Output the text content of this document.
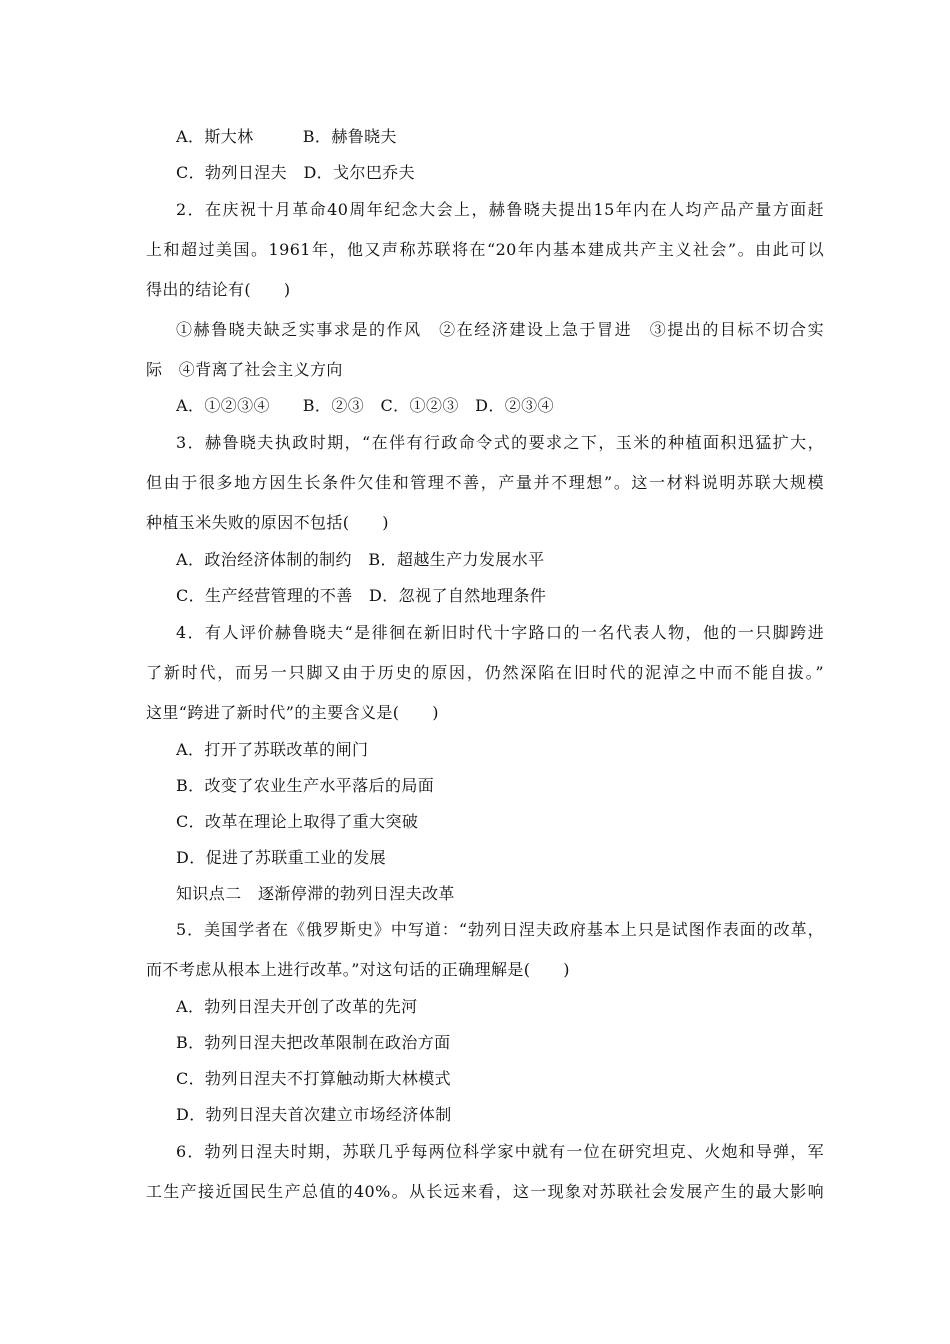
A．斯大林　　　B．赫鲁晓夫
C．勃列日涅夫　D．戈尔巴乔夫
2．在庆祝十月革命40周年纪念大会上，赫鲁晓夫提出15年内在人均产品产量方面赶
上和超过美国。1961年，他又声称苏联将在“20年内基本建成共产主义社会”。由此可以
得出的结论有(　　)
①赫鲁晓夫缺乏实事求是的作风　②在经济建设上急于冒进　③提出的目标不切合实
际　④背离了社会主义方向
A．①②③④　　B．②③　C．①②③　D．②③④
3．赫鲁晓夫执政时期，“在伴有行政命令式的要求之下，玉米的种植面积迅猛扩大，
但由于很多地方因生长条件欠佳和管理不善，产量并不理想”。这一材料说明苏联大规模
种植玉米失败的原因不包括(　　)
A．政治经济体制的制约　B．超越生产力发展水平
C．生产经营管理的不善　D．忽视了自然地理条件
4．有人评价赫鲁晓夫“是徘徊在新旧时代十字路口的一名代表人物，他的一只脚跨进
了新时代，而另一只脚又由于历史的原因，仍然深陷在旧时代的泥淖之中而不能自拔。”
这里“跨进了新时代”的主要含义是(　　)
A．打开了苏联改革的闸门
B．改变了农业生产水平落后的局面
C．改革在理论上取得了重大突破
D．促进了苏联重工业的发展
知识点二　逐渐停滞的勃列日涅夫改革
5．美国学者在《俄罗斯史》中写道：“勃列日涅夫政府基本上只是试图作表面的改革，
而不考虑从根本上进行改革。”对这句话的正确理解是(　　)
A．勃列日涅夫开创了改革的先河
B．勃列日涅夫把改革限制在政治方面
C．勃列日涅夫不打算触动斯大林模式
D．勃列日涅夫首次建立市场经济体制
6．勃列日涅夫时期，苏联几乎每两位科学家中就有一位在研究坦克、火炮和导弹，军
工生产接近国民生产总值的40%。从长远来看，这一现象对苏联社会发展产生的最大影响
